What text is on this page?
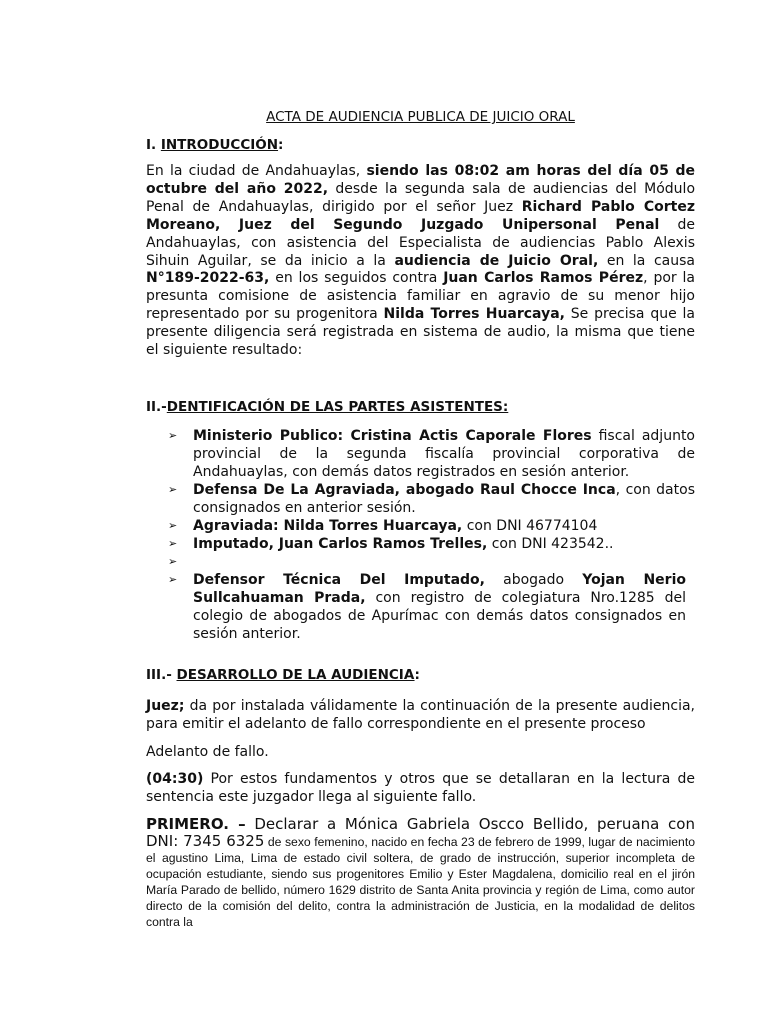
ACTA DE AUDIENCIA PUBLICA DE JUICIO ORAL

I. INTRODUCCIÓN:

En la ciudad de Andahuaylas, siendo las 08:02 am horas del día 05 de octubre del año 2022, desde la segunda sala de audiencias del Módulo Penal de Andahuaylas, dirigido por el señor Juez Richard Pablo Cortez Moreano, Juez del Segundo Juzgado Unipersonal Penal de Andahuaylas, con asistencia del Especialista de audiencias Pablo Alexis Sihuin Aguilar, se da inicio a la audiencia de Juicio Oral, en la causa N°189-2022-63, en los seguidos contra Juan Carlos Ramos Pérez, por la presunta comisione de asistencia familiar en agravio de su menor hijo representado por su progenitora Nilda Torres Huarcaya, Se precisa que la presente diligencia será registrada en sistema de audio, la misma que tiene el siguiente resultado:

II.-DENTIFICACIÓN DE LAS PARTES ASISTENTES:

➢ Ministerio Publico: Cristina Actis Caporale Flores fiscal adjunto provincial de la segunda fiscalía provincial corporativa de Andahuaylas, con demás datos registrados en sesión anterior.
➢ Defensa De La Agraviada, abogado Raul Chocce Inca, con datos consignados en anterior sesión.
➢ Agraviada: Nilda Torres Huarcaya, con DNI 46774104
➢ Imputado, Juan Carlos Ramos Trelles, con DNI 423542..
➢
➢ Defensor Técnica Del Imputado, abogado Yojan Nerio Sullcahuaman Prada, con registro de colegiatura Nro.1285 del colegio de abogados de Apurímac con demás datos consignados en sesión anterior.

III.- DESARROLLO DE LA AUDIENCIA:

Juez; da por instalada válidamente la continuación de la presente audiencia, para emitir el adelanto de fallo correspondiente en el presente proceso

Adelanto de fallo.

(04:30) Por estos fundamentos y otros que se detallaran en la lectura de sentencia este juzgador llega al siguiente fallo.

PRIMERO. – Declarar a Mónica Gabriela Oscco Bellido, peruana con DNI: 7345 6325 de sexo femenino, nacido en fecha 23 de febrero de 1999, lugar de nacimiento el agustino Lima, Lima de estado civil soltera, de grado de instrucción, superior incompleta de ocupación estudiante, siendo sus progenitores Emilio y Ester Magdalena, domicilio real en el jirón María Parado de bellido, número 1629 distrito de Santa Anita provincia y región de Lima, como autor directo de la comisión del delito, contra la administración de Justicia, en la modalidad de delitos contra la
